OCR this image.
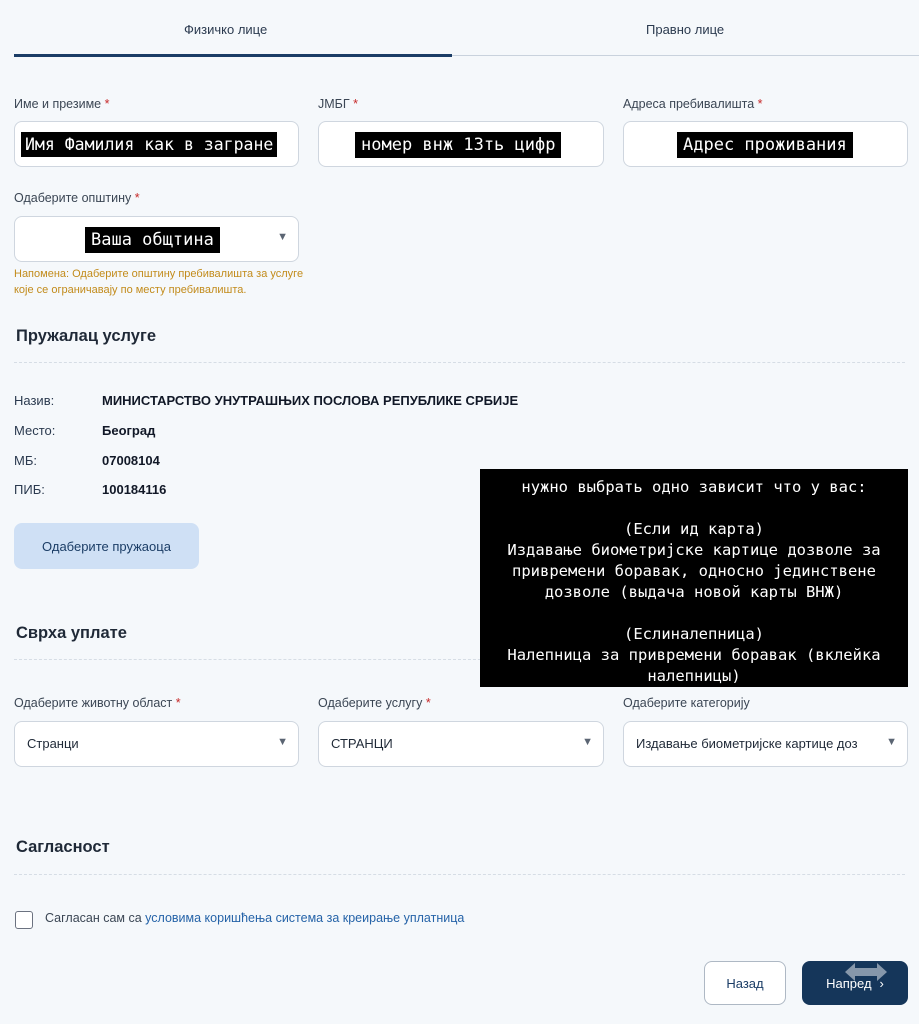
Физичко лице	Правно лице
Име и презиме *
Имя Фамилия как в загране
ЈМБГ *
номер внж 13ть цифр
Адреса пребивалишта *
Адрес проживания
Одаберите општину *
Ваша общтина	▼
Напомена: Одаберите општину пребивалишта за услуге које се ограничавају по месту пребивалишта.
Пружалац услуге
Назив:	МИНИСТАРСТВО УНУТРАШЊИХ ПОСЛОВА РЕПУБЛИКЕ СРБИЈЕ
Место:	Београд
МБ:	07008104
ПИБ:	100184116
Одаберите пружаоца
Сврха уплате
Одаберите животну област *
Странци	▼
Одаберите услугу *
СТРАНЦИ	▼
Одаберите категорију
Издавање биометријске картице доз	▼
нужно выбрать одно зависит что у вас:

(Если ид карта)
Издавање биометријске картице дозволе за привремени боравак, односно јединствене дозволе (выдача новой карты ВНЖ)

(Еслиналепница)
Налепница за привремени боравак (вклейка налепницы)
Сагласност
Сагласан сам са условима коришћења система за креирање уплатница
Назад	Напред ›
